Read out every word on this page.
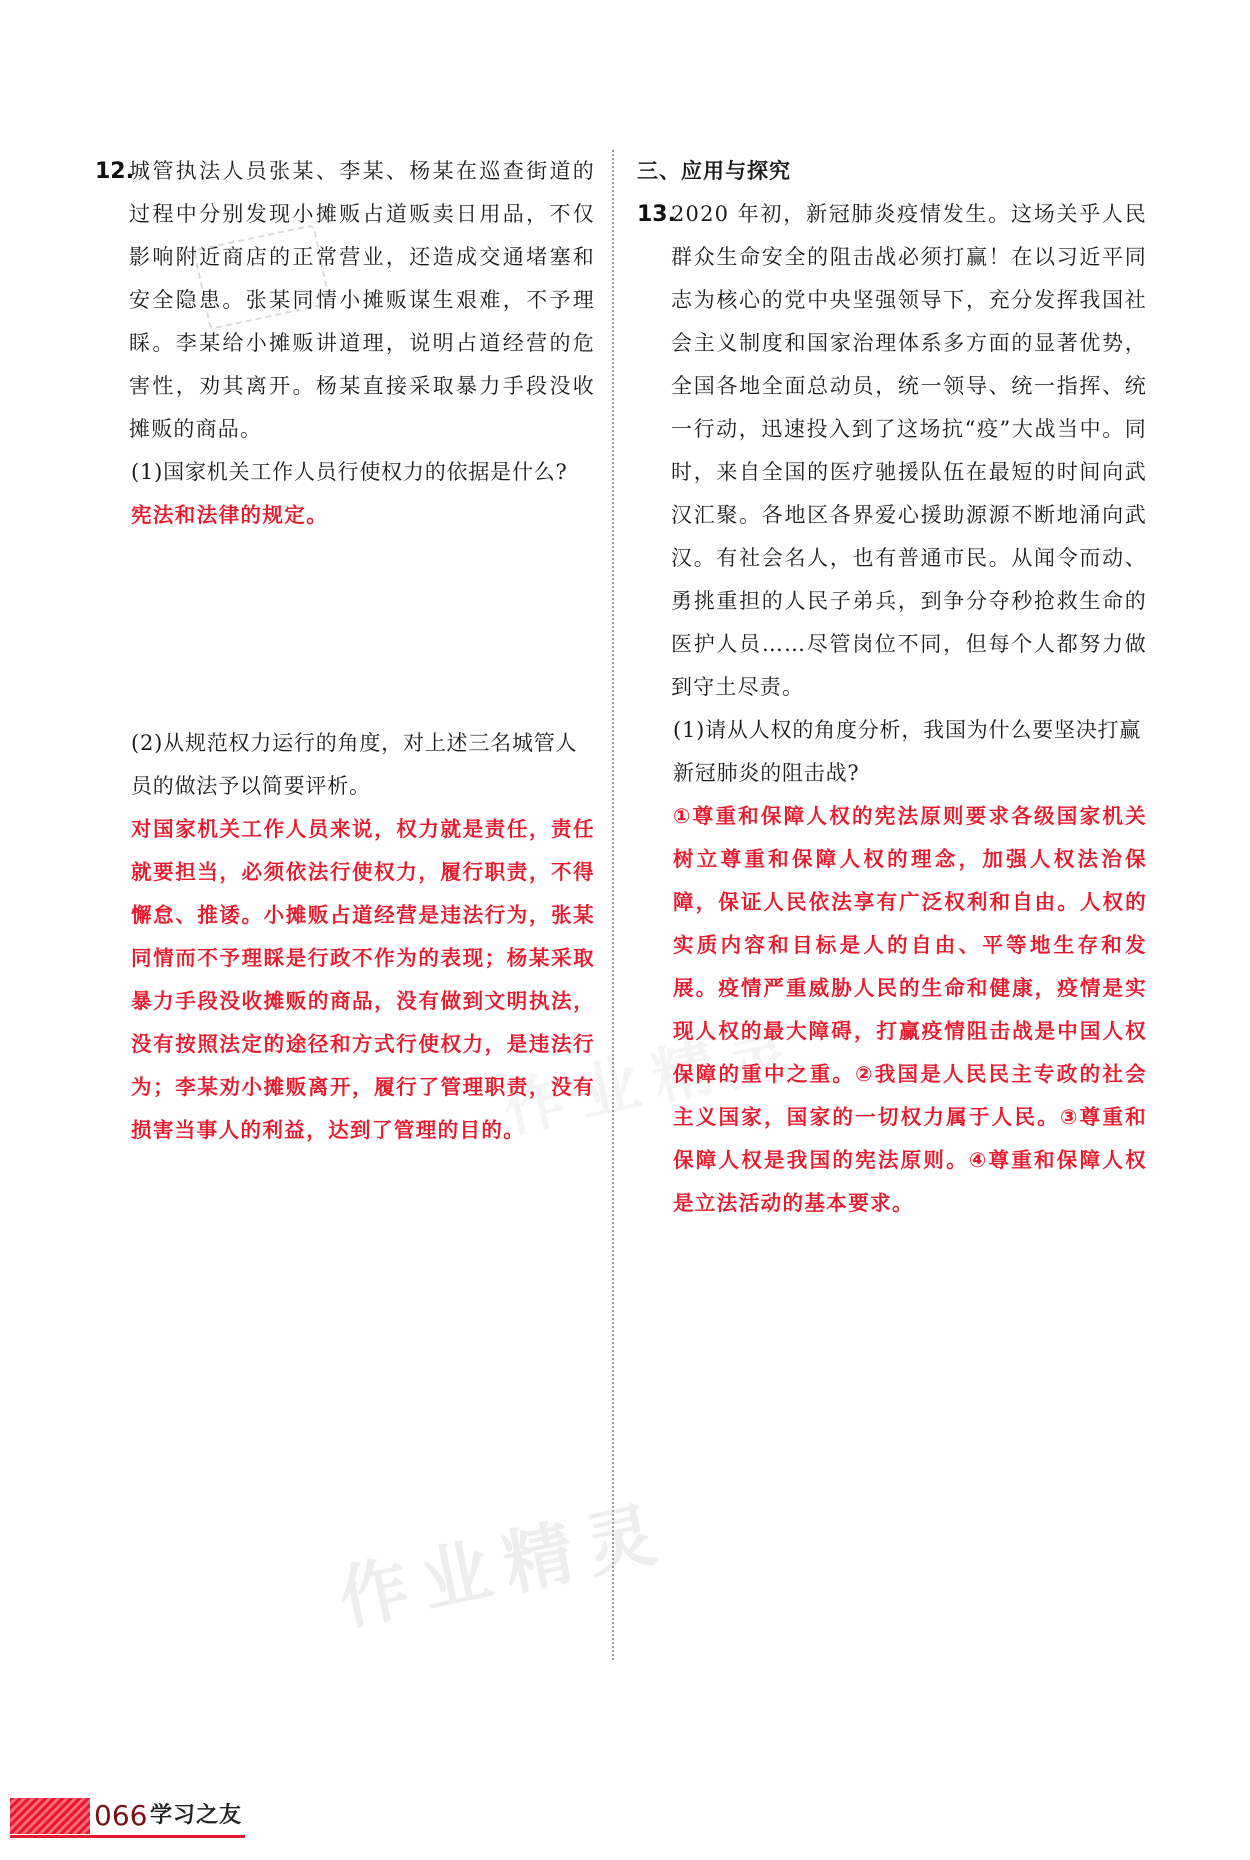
作业精灵
作业精灵
12.
城管执法人员张某、李某、杨某在巡查街道的过程中分别发现小摊贩占道贩卖日用品，不仅影响附近商店的正常营业，还造成交通堵塞和安全隐患。张某同情小摊贩谋生艰难，不予理睬。李某给小摊贩讲道理，说明占道经营的危害性，劝其离开。杨某直接采取暴力手段没收摊贩的商品。
(1)国家机关工作人员行使权力的依据是什么?
宪法和法律的规定。
(2)从规范权力运行的角度，对上述三名城管人员的做法予以简要评析。
对国家机关工作人员来说，权力就是责任，责任就要担当，必须依法行使权力，履行职责，不得懈怠、推诿。小摊贩占道经营是违法行为，张某同情而不予理睬是行政不作为的表现；杨某采取暴力手段没收摊贩的商品，没有做到文明执法，没有按照法定的途径和方式行使权力，是违法行为；李某劝小摊贩离开，履行了管理职责，没有损害当事人的利益，达到了管理的目的。
三、应用与探究
13.
2020 年初，新冠肺炎疫情发生。这场关乎人民群众生命安全的阻击战必须打赢！在以习近平同志为核心的党中央坚强领导下，充分发挥我国社会主义制度和国家治理体系多方面的显著优势，全国各地全面总动员，统一领导、统一指挥、统一行动，迅速投入到了这场抗“疫”大战当中。同时，来自全国的医疗驰援队伍在最短的时间向武汉汇聚。各地区各界爱心援助源源不断地涌向武汉。有社会名人，也有普通市民。从闻令而动、勇挑重担的人民子弟兵，到争分夺秒抢救生命的医护人员……尽管岗位不同，但每个人都努力做到守土尽责。
(1)请从人权的角度分析，我国为什么要坚决打赢新冠肺炎的阻击战?
①尊重和保障人权的宪法原则要求各级国家机关树立尊重和保障人权的理念，加强人权法治保障，保证人民依法享有广泛权利和自由。人权的实质内容和目标是人的自由、平等地生存和发展。疫情严重威胁人民的生命和健康，疫情是实现人权的最大障碍，打赢疫情阻击战是中国人权保障的重中之重。②我国是人民民主专政的社会主义国家，国家的一切权力属于人民。③尊重和保障人权是我国的宪法原则。④尊重和保障人权是立法活动的基本要求。
066 学习之友
